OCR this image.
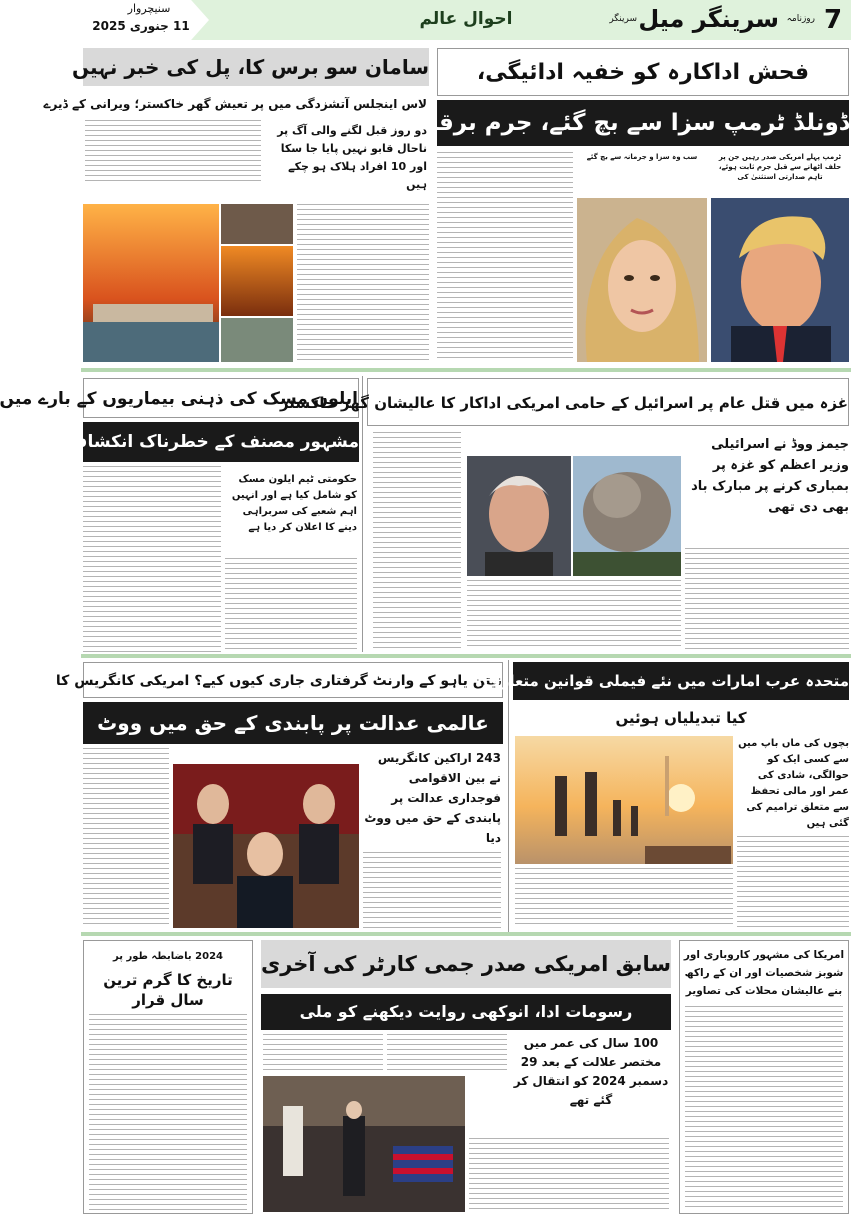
7
روزنامہ
سرینگر میل
سرینگر
احوال عالم
سنیچروار
11 جنوری 2025
فحش اداکارہ کو خفیہ ادائیگی،
ڈونلڈ ٹرمپ سزا سے بچ گئے، جرم برقرار
ٹرمپ پہلے امریکی صدر رہیں جن پر حلف اٹھانے سے قبل جرم ثابت ہوئے، تاہم صدارتی استثنیٰ کی
سب وہ سزا و جرمانہ سے بچ گئے
سامان سو برس کا، پل کی خبر نہیں
لاس اینجلس آتشزدگی میں پر تعیش گھر خاکستر؛ ویرانی کے ڈیرے
دو روز قبل لگنے والی آگ پر ناحال قابو نہیں پایا جا سکا اور 10 افراد ہلاک ہو چکے ہیں
ایلون مسک کی ذہنی بیماریوں کے بارے میں
مشہور مصنف کے خطرناک انکشافات
حکومتی ٹیم ایلون مسک کو شامل کیا ہے اور انہیں اہم شعبے کی سربراہی دینے کا اعلان کر دیا ہے
غزہ میں قتل عام پر اسرائیل کے حامی امریکی اداکار کا عالیشان گھر خاکستر
جیمز ووڈ نے اسرائیلی وزیر اعظم کو غزہ پر بمباری کرنے پر مبارک باد بھی دی تھی
نیتن یاہو کے وارنٹ گرفتاری جاری کیوں کیے؟ امریکی کانگریس کا
عالمی عدالت پر پابندی کے حق میں ووٹ
243 اراکین کانگریس نے بین الاقوامی فوجداری عدالت پر پابندی کے حق میں ووٹ دیا
متحدہ عرب امارات میں نئے فیملی قوانین متعارف؛
کیا تبدیلیاں ہوئیں
بچوں کی ماں باپ میں سے کسی ایک کو حوالگی، شادی کی عمر اور مالی تحفظ سے متعلق ترامیم کی گئی ہیں
2024 باضابطہ طور پر
تاریخ کا گرم ترین سال قرار
سابق امریکی صدر جمی کارٹر کی آخری
رسومات ادا، انوکھی روایت دیکھنے کو ملی
100 سال کی عمر میں مختصر علالت کے بعد 29 دسمبر 2024 کو انتقال کر گئے تھے
امریکا کی مشہور کاروباری اور شوبز شخصیات اور ان کے راکھ بنے عالیشان محلات کی تصاویر
